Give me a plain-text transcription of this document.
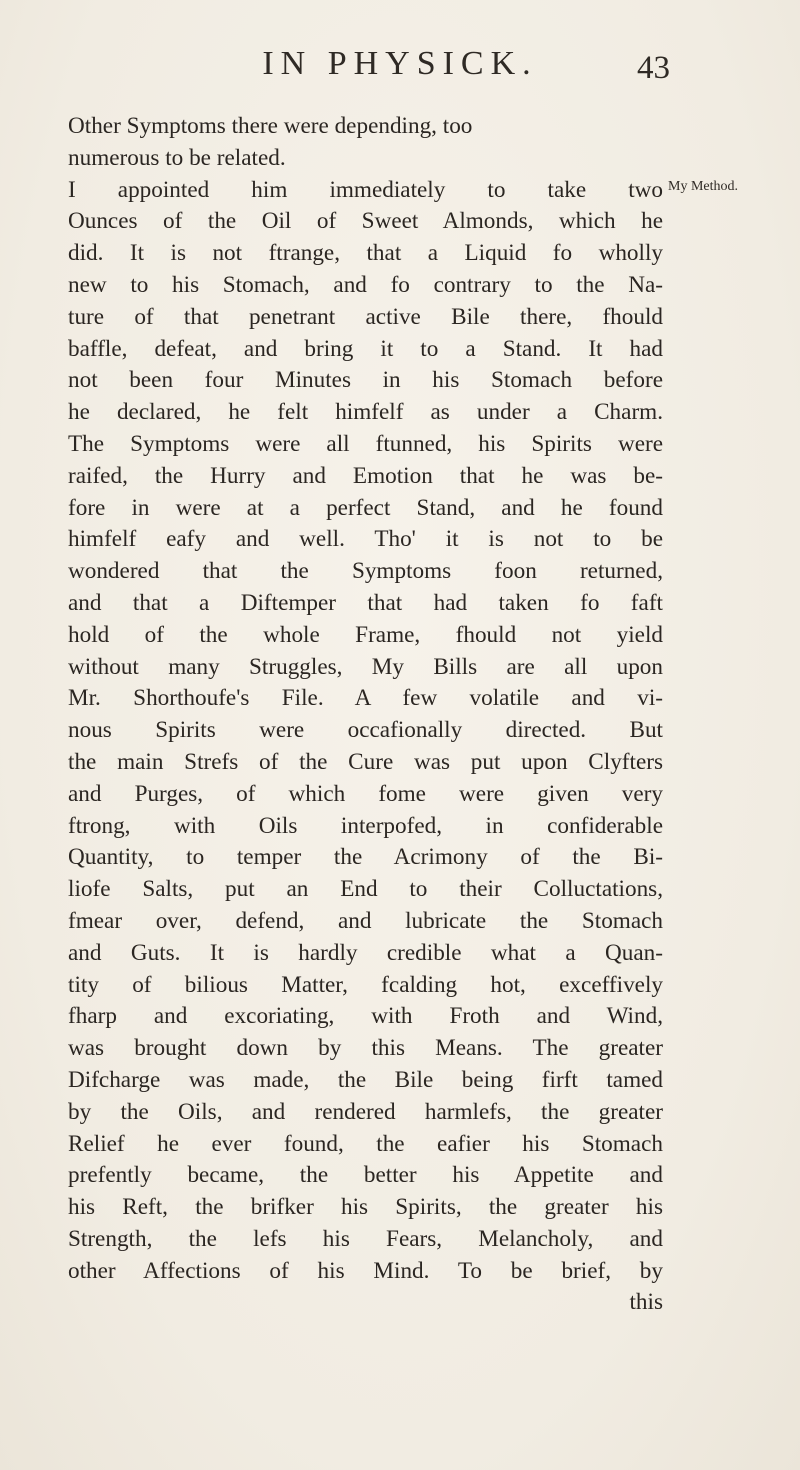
IN PHYSICK.	43
My Method.
Other Symptoms there were depending, too
numerous to be related.
I appointed him immediately to take two
Ounces of the Oil of Sweet Almonds, which he
did. It is not ftrange, that a Liquid fo wholly
new to his Stomach, and fo contrary to the Na-
ture of that penetrant active Bile there, fhould
baffle, defeat, and bring it to a Stand. It had
not been four Minutes in his Stomach before
he declared, he felt himfelf as under a Charm.
The Symptoms were all ftunned, his Spirits were
raifed, the Hurry and Emotion that he was be-
fore in were at a perfect Stand, and he found
himfelf eafy and well. Tho' it is not to be
wondered that the Symptoms foon returned,
and that a Diftemper that had taken fo faft
hold of the whole Frame, fhould not yield
without many Struggles, My Bills are all upon
Mr. Shorthoufe's File. A few volatile and vi-
nous Spirits were occafionally directed. But
the main Strefs of the Cure was put upon Clyfters
and Purges, of which fome were given very
ftrong, with Oils interpofed, in confiderable
Quantity, to temper the Acrimony of the Bi-
liofe Salts, put an End to their Colluctations,
fmear over, defend, and lubricate the Stomach
and Guts. It is hardly credible what a Quan-
tity of bilious Matter, fcalding hot, exceffively
fharp and excoriating, with Froth and Wind,
was brought down by this Means. The greater
Difcharge was made, the Bile being firft tamed
by the Oils, and rendered harmlefs, the greater
Relief he ever found, the eafier his Stomach
prefently became, the better his Appetite and
his Reft, the brifker his Spirits, the greater his
Strength, the lefs his Fears, Melancholy, and
other Affections of his Mind. To be brief, by
this
